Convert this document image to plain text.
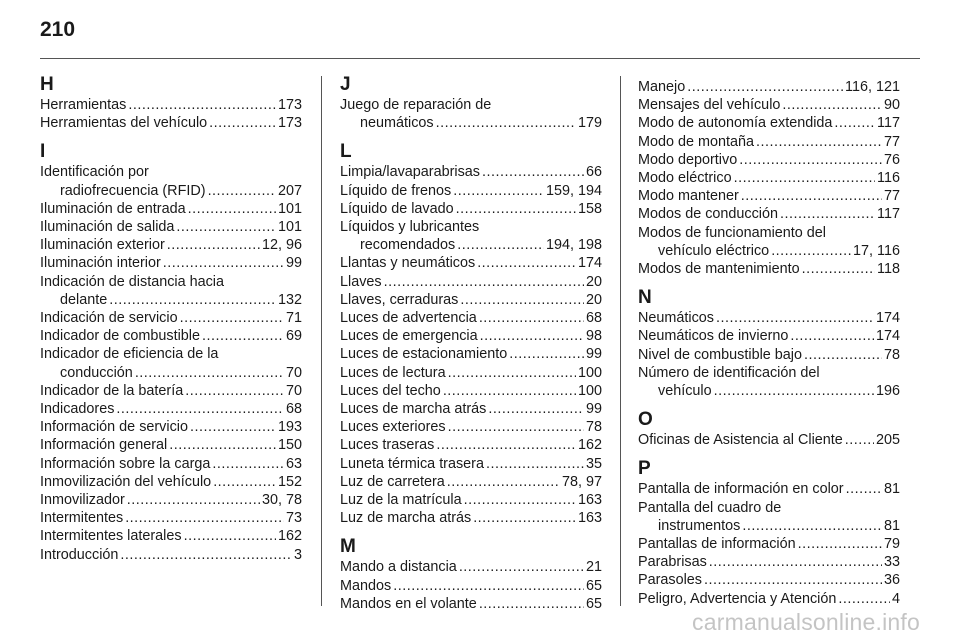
210
H
Herramientas .....	173
Herramientas del vehículo .....	173
I
Identificación por
radiofrecuencia (RFID) .....	207
Iluminación de entrada .....	101
Iluminación de salida .....	101
Iluminación exterior .....	12, 96
Iluminación interior .....	99
Indicación de distancia hacia
delante .....	132
Indicación de servicio .....	71
Indicador de combustible .....	69
Indicador de eficiencia de la
conducción .....	70
Indicador de la batería .....	70
Indicadores .....	68
Información de servicio .....	193
Información general .....	150
Información sobre la carga .....	63
Inmovilización del vehículo .....	152
Inmovilizador .....	30, 78
Intermitentes .....	73
Intermitentes laterales .....	162
Introducción .....	3
J
Juego de reparación de
neumáticos .....	179
L
Limpia/lavaparabrisas .....	66
Líquido de frenos .....	159, 194
Líquido de lavado .....	158
Líquidos y lubricantes
recomendados .....	194, 198
Llantas y neumáticos .....	174
Llaves .....	20
Llaves, cerraduras .....	20
Luces de advertencia .....	68
Luces de emergencia .....	98
Luces de estacionamiento .....	99
Luces de lectura .....	100
Luces del techo .....	100
Luces de marcha atrás .....	99
Luces exteriores .....	78
Luces traseras .....	162
Luneta térmica trasera .....	35
Luz de carretera .....	78, 97
Luz de la matrícula .....	163
Luz de marcha atrás .....	163
M
Mando a distancia .....	21
Mandos .....	65
Mandos en el volante .....	65
Manejo .....	116, 121
Mensajes del vehículo .....	90
Modo de autonomía extendida .....	117
Modo de montaña .....	77
Modo deportivo .....	76
Modo eléctrico .....	116
Modo mantener .....	77
Modos de conducción .....	117
Modos de funcionamiento del
vehículo eléctrico .....	17, 116
Modos de mantenimiento .....	118
N
Neumáticos .....	174
Neumáticos de invierno .....	174
Nivel de combustible bajo .....	78
Número de identificación del
vehículo .....	196
O
Oficinas de Asistencia al Cliente ..... 205
P
Pantalla de información en color .....	81
Pantalla del cuadro de
instrumentos .....	81
Pantallas de información .....	79
Parabrisas .....	33
Parasoles .....	36
Peligro, Advertencia y Atención .....	4
carmanualsonline.info
